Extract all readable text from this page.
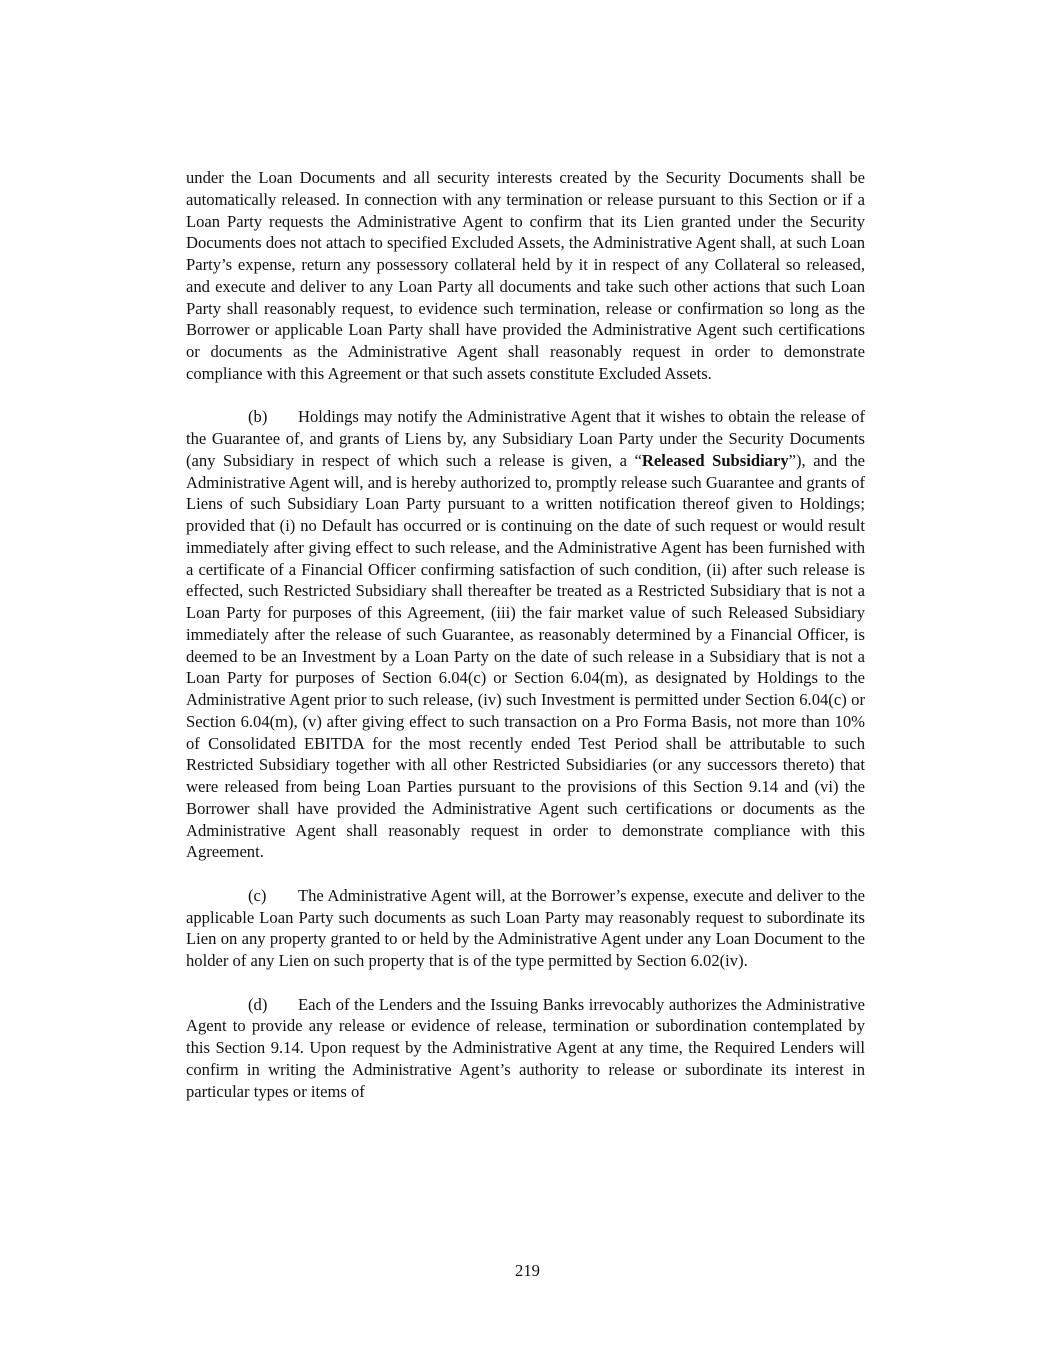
under the Loan Documents and all security interests created by the Security Documents shall be automatically released. In connection with any termination or release pursuant to this Section or if a Loan Party requests the Administrative Agent to confirm that its Lien granted under the Security Documents does not attach to specified Excluded Assets, the Administrative Agent shall, at such Loan Party’s expense, return any possessory collateral held by it in respect of any Collateral so released, and execute and deliver to any Loan Party all documents and take such other actions that such Loan Party shall reasonably request, to evidence such termination, release or confirmation so long as the Borrower or applicable Loan Party shall have provided the Administrative Agent such certifications or documents as the Administrative Agent shall reasonably request in order to demonstrate compliance with this Agreement or that such assets constitute Excluded Assets.

(b) Holdings may notify the Administrative Agent that it wishes to obtain the release of the Guarantee of, and grants of Liens by, any Subsidiary Loan Party under the Security Documents (any Subsidiary in respect of which such a release is given, a “Released Subsidiary”), and the Administrative Agent will, and is hereby authorized to, promptly release such Guarantee and grants of Liens of such Subsidiary Loan Party pursuant to a written notification thereof given to Holdings; provided that (i) no Default has occurred or is continuing on the date of such request or would result immediately after giving effect to such release, and the Administrative Agent has been furnished with a certificate of a Financial Officer confirming satisfaction of such condition, (ii) after such release is effected, such Restricted Subsidiary shall thereafter be treated as a Restricted Subsidiary that is not a Loan Party for purposes of this Agreement, (iii) the fair market value of such Released Subsidiary immediately after the release of such Guarantee, as reasonably determined by a Financial Officer, is deemed to be an Investment by a Loan Party on the date of such release in a Subsidiary that is not a Loan Party for purposes of Section 6.04(c) or Section 6.04(m), as designated by Holdings to the Administrative Agent prior to such release, (iv) such Investment is permitted under Section 6.04(c) or Section 6.04(m), (v) after giving effect to such transaction on a Pro Forma Basis, not more than 10% of Consolidated EBITDA for the most recently ended Test Period shall be attributable to such Restricted Subsidiary together with all other Restricted Subsidiaries (or any successors thereto) that were released from being Loan Parties pursuant to the provisions of this Section 9.14 and (vi) the Borrower shall have provided the Administrative Agent such certifications or documents as the Administrative Agent shall reasonably request in order to demonstrate compliance with this Agreement.

(c) The Administrative Agent will, at the Borrower’s expense, execute and deliver to the applicable Loan Party such documents as such Loan Party may reasonably request to subordinate its Lien on any property granted to or held by the Administrative Agent under any Loan Document to the holder of any Lien on such property that is of the type permitted by Section 6.02(iv).

(d) Each of the Lenders and the Issuing Banks irrevocably authorizes the Administrative Agent to provide any release or evidence of release, termination or subordination contemplated by this Section 9.14. Upon request by the Administrative Agent at any time, the Required Lenders will confirm in writing the Administrative Agent’s authority to release or subordinate its interest in particular types or items of

219
